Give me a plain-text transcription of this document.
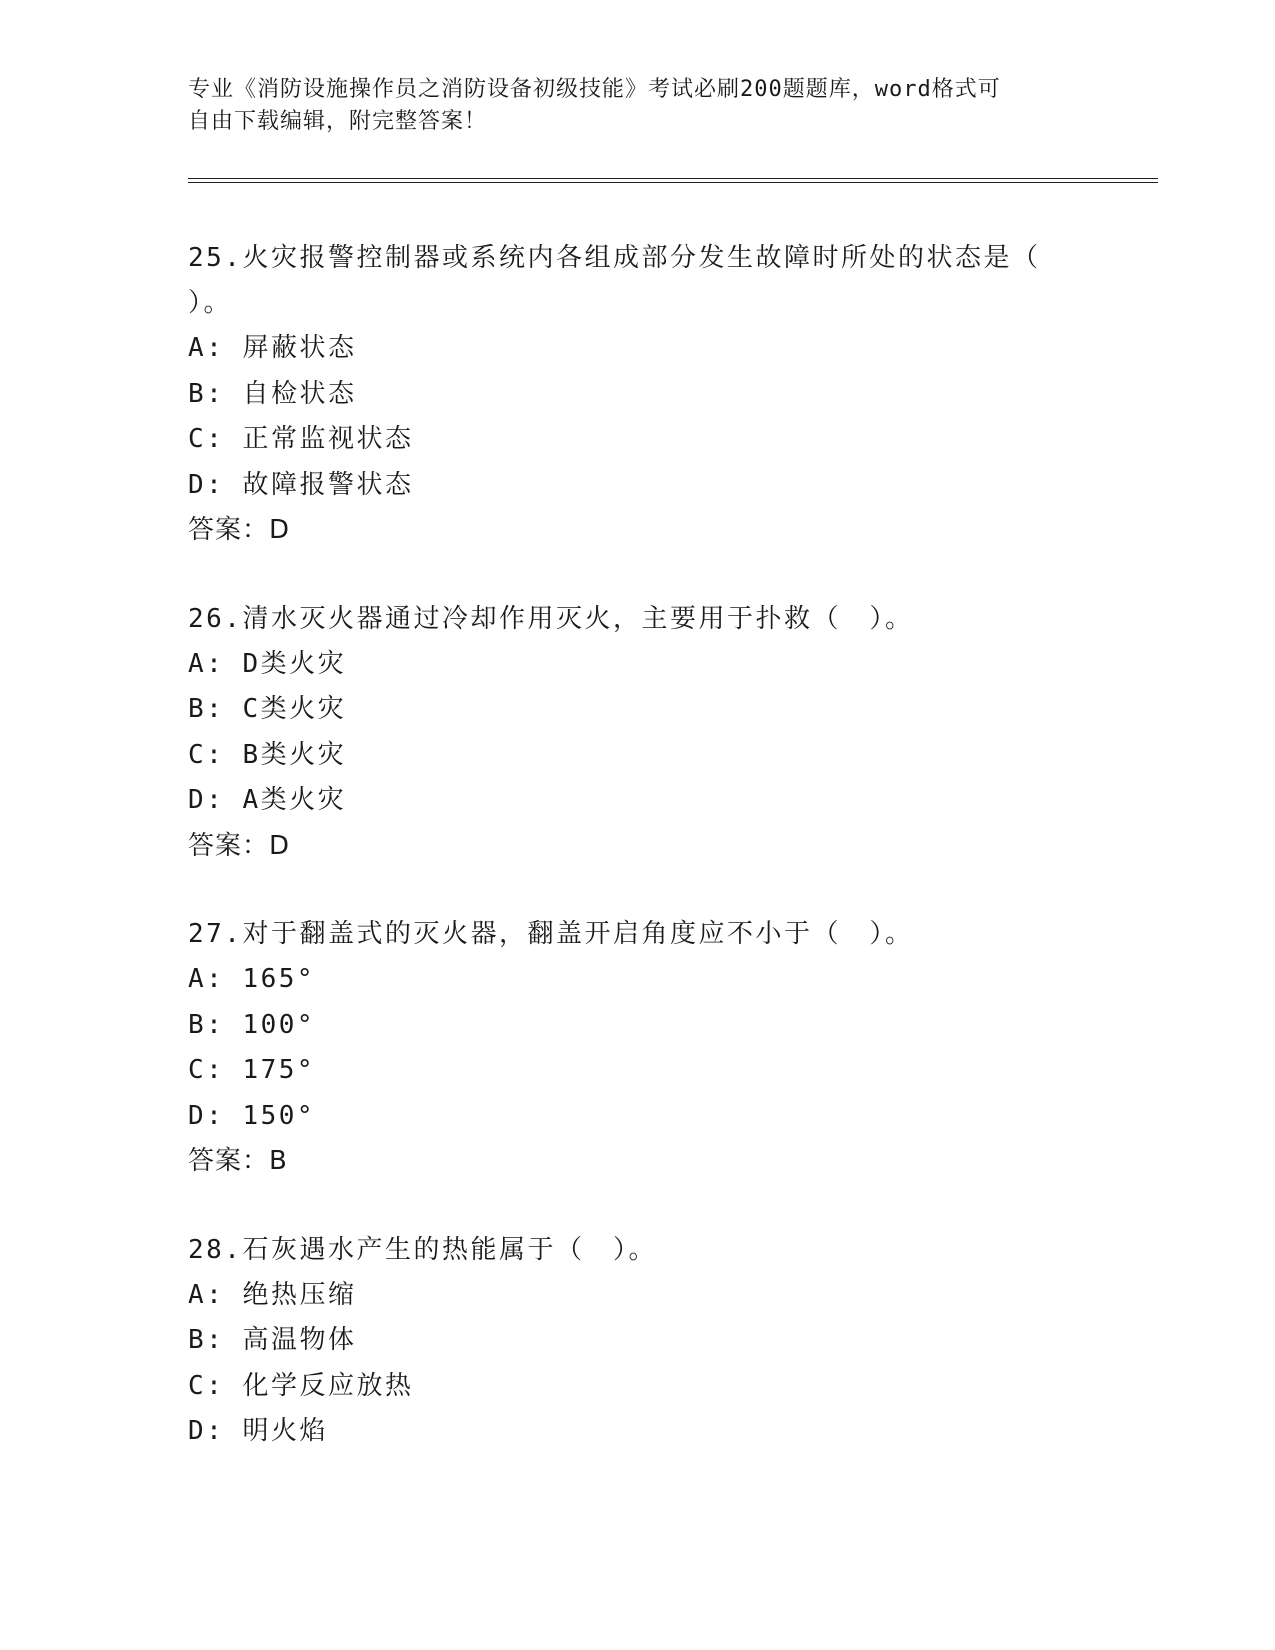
专业《消防设施操作员之消防设备初级技能》考试必刷200题题库，word格式可
自由下载编辑，附完整答案！

25.火灾报警控制器或系统内各组成部分发生故障时所处的状态是（

）。

A: 屏蔽状态

B: 自检状态

C: 正常监视状态

D: 故障报警状态

答案：D

26.清水灭火器通过冷却作用灭火，主要用于扑救（　）。

A: D类火灾

B: C类火灾

C: B类火灾

D: A类火灾

答案：D

27.对于翻盖式的灭火器，翻盖开启角度应不小于（　）。

A: 165°

B: 100°

C: 175°

D: 150°

答案：B

28.石灰遇水产生的热能属于（　）。

A: 绝热压缩

B: 高温物体

C: 化学反应放热

D: 明火焰
